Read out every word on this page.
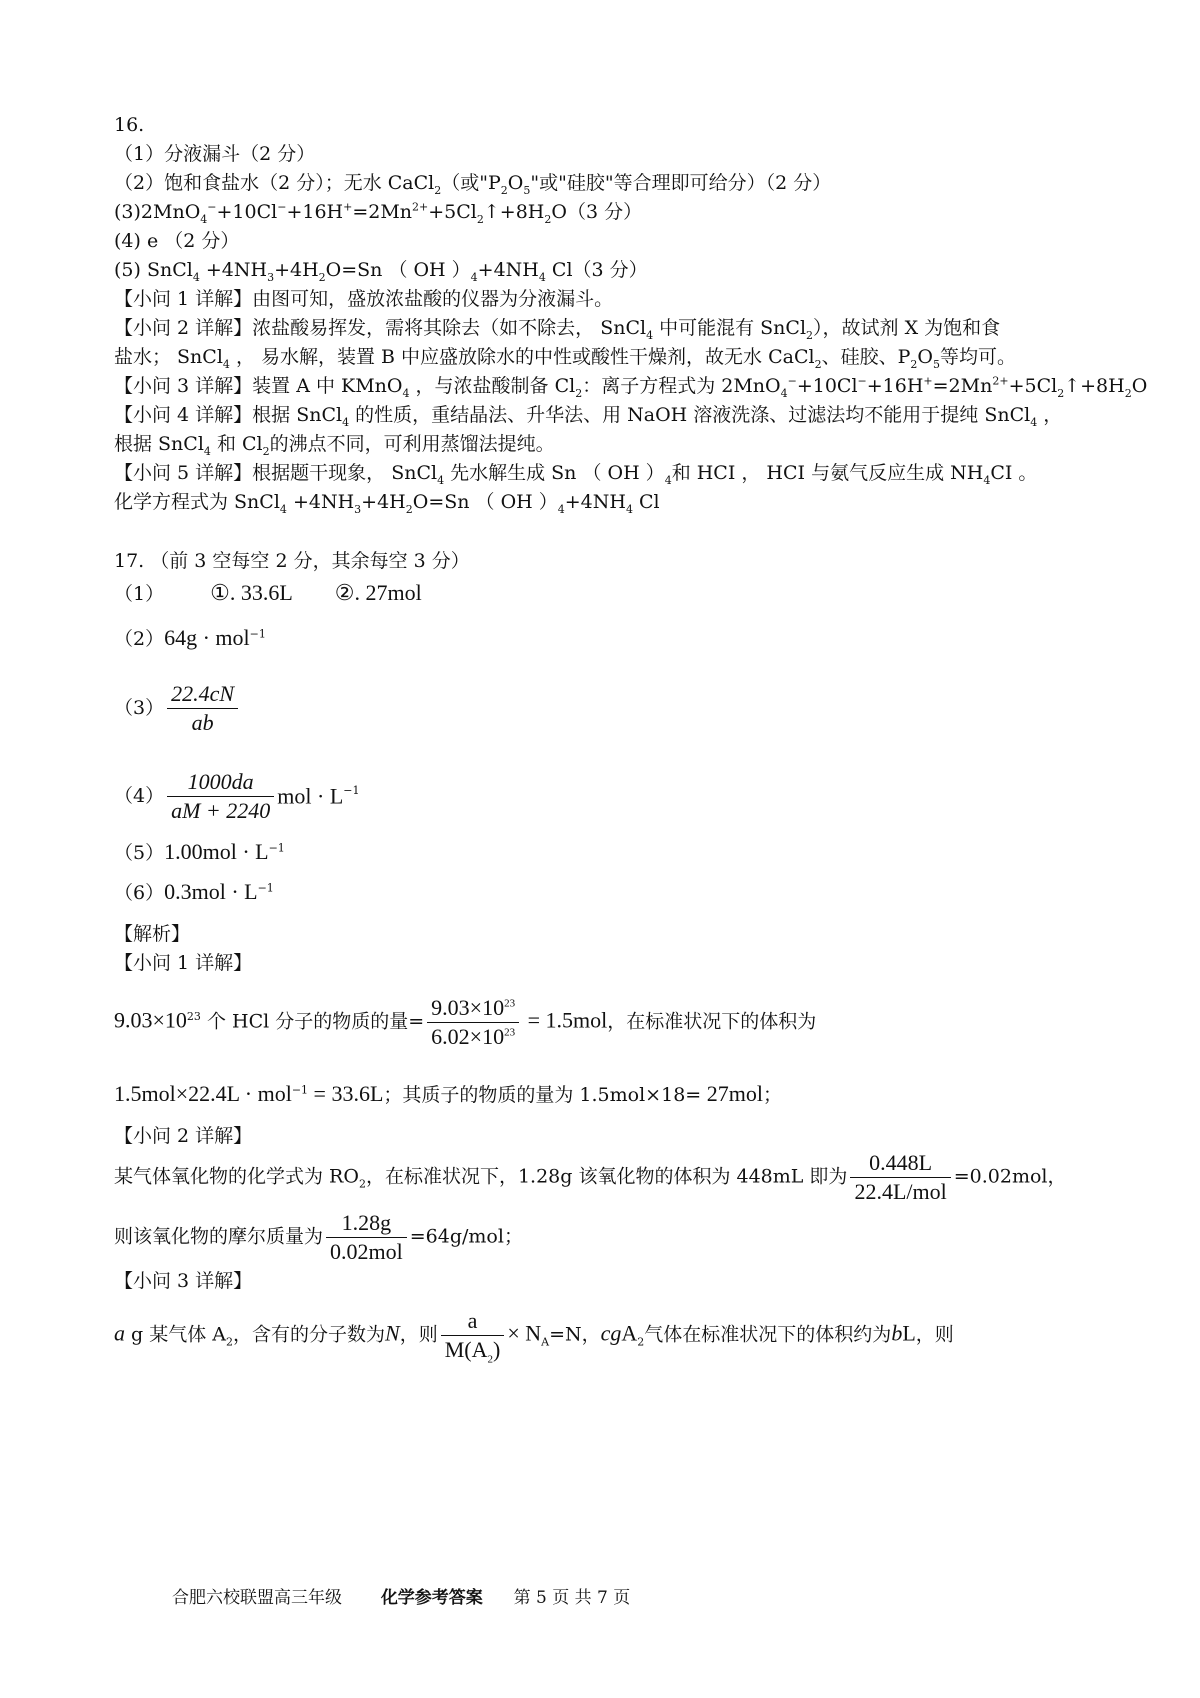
16.
（1）分液漏斗（2 分）
（2）饱和食盐水（2 分）；无水 CaCl$_2$（或"$P_2O_5$"或"硅胶"等合理即可给分）（2 分）
$(3)2MnO_4^-+10Cl^-+16H^+=2Mn^{2+}+5Cl_2↑+8H_2O(3$ 分）
(4) e （2 分）
(5) SnCl$_4$ $+4NH_3+4H_2O=Sn$ （ OH ）$_4+4NH_4$ Cl（3 分）
【小问 1 详解】由图可知，盛放浓盐酸的仪器为分液漏斗。
【小问 2 详解】浓盐酸易挥发，需将其除去（如不除去， SnCl$_4$ 中可能混有 SnCl$_2$），故试剂 X 为饱和食
盐水； SnCl$_4$ ， 易水解，装置 B 中应盛放除水的中性或酸性干燥剂，故无水 CaCl$_2$、硅胶、$P_2O_5$等均可。
【小问 3 详解】装置 A 中 KMnO$_4$ ，与浓盐酸制备 $Cl_2$：离子方程式为 $2MnO_4^-+10Cl^-+16H^+=2Mn^{2+}+5Cl_2↑+8H_2O$
【小问 4 详解】根据 SnCl$_4$ 的性质，重结晶法、升华法、用 NaOH 溶液洗涤、过滤法均不能用于提纯 SnCl$_4$ ，
根据 SnCl$_4$ 和 $Cl_2$的沸点不同，可利用蒸馏法提纯。
【小问 5 详解】根据题干现象， SnCl$_4$ 先水解生成 Sn （ OH ）$_4$和 HCI ， HCI 与氨气反应生成 $NH_4CI$ 。
化学方程式为 SnCl$_4$ $+4NH_3+4H_2O=Sn$ （ OH ）$_4+4NH_4$ Cl
17. （前 3 空每空 2 分，其余每空 3 分）
（1） ①. 33.6L ②. 27mol
（2）64g · mol$^{-1}$
$(3) \frac{22.4cN}{ab}$
$(4) \frac{1000da}{aM + 2240}$ mol · $L^{-1}$
$(5)1.00mol \cdot L^{-1}$
$(6)0.3mol \cdot L^{-1}$
【解析】
【小问 1 详解】
$9.03\times 10^{23}$ 个 HCl 分子的物质的量= $\frac{9.03\times 10^{23}}{6.02\times 10^{23}} = 1.5mol$，在标准状况下的体积为
1.5mol×22.4L · mol$^{-1}$ = 33.6L；其质子的物质的量为 1.5mol×18= 27mol；
【小问 2 详解】
某气体氧化物的化学式为 $RO_2$，在标准状况下，1.28g 该氧化物的体积为 448mL 即为 $\frac{0.448L}{\text{22.4L/mol}} =0.02mol$，
则该氧化物的摩尔质量为 $\frac{1.28g}{\text{0.02mol}} =64g/mol$；
【小问 3 详解】
a g 某气体 $A_2$，含有的分子数为N，则 $\frac{a}{M(A_2)} \times N_A=N$，cgA$_2$气体在标准状况下的体积约为bL，则
合肥六校联盟高三年级 化学参考答案 第 5 页 共 7 页
